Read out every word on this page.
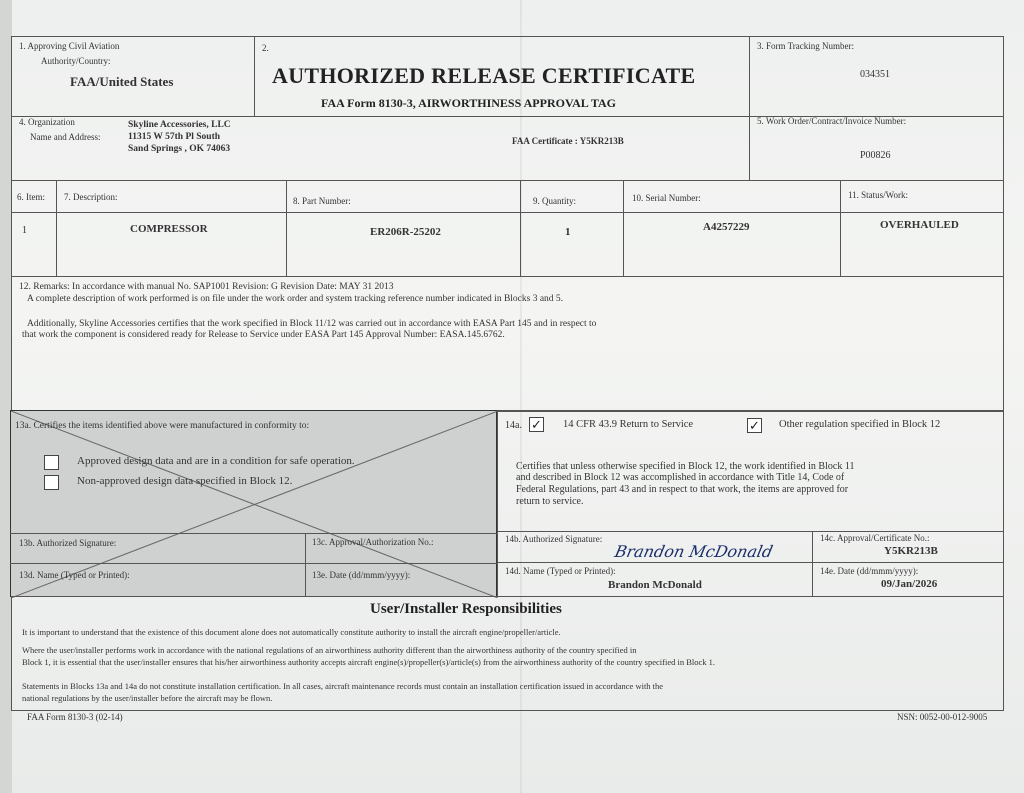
1. Approving Civil Aviation
Authority/Country:
FAA/United States
2.
AUTHORIZED RELEASE CERTIFICATE
FAA Form 8130-3, AIRWORTHINESS APPROVAL TAG
3. Form Tracking Number:
034351
4. Organization
Name and Address:
Skyline Accessories, LLC
11315 W 57th Pl South
Sand Springs , OK 74063
FAA Certificate : Y5KR213B
5. Work Order/Contract/Invoice Number:
P00826
6. Item: 7. Description:	8. Part Number:	9. Quantity:	10. Serial Number:	11. Status/Work:
1	COMPRESSOR	ER206R-25202	1	A4257229	OVERHAULED
12. Remarks: In accordance with manual No. SAP1001 Revision: G Revision Date: MAY 31 2013
A complete description of work performed is on file under the work order and system tracking reference number indicated in Blocks 3 and 5.
Additionally, Skyline Accessories certifies that the work specified in Block 11/12 was carried out in accordance with EASA Part 145 and in respect to
that work the component is considered ready for Release to Service under EASA Part 145 Approval Number: EASA.145.6762.
13a. Certifies the items identified above were manufactured in conformity to:
Approved design data and are in a condition for safe operation.
Non-approved design data specified in Block 12.
13b. Authorized Signature:	13c. Approval/Authorization No.:
13d. Name (Typed or Printed):	13e. Date (dd/mmm/yyyy):
14a. ✓ 14 CFR 43.9 Return to Service	✓ Other regulation specified in Block 12
Certifies that unless otherwise specified in Block 12, the work identified in Block 11
and described in Block 12 was accomplished in accordance with Title 14, Code of
Federal Regulations, part 43 and in respect to that work, the items are approved for
return to service.
14b. Authorized Signature:
Brandon McDonald
14c. Approval/Certificate No.:
Y5KR213B
14d. Name (Typed or Printed):
Brandon McDonald
14e. Date (dd/mmm/yyyy):
09/Jan/2026
User/Installer Responsibilities
It is important to understand that the existence of this document alone does not automatically constitute authority to install the aircraft engine/propeller/article.
Where the user/installer performs work in accordance with the national regulations of an airworthiness authority different than the airworthiness authority of the country specified in
Block 1, it is essential that the user/installer ensures that his/her airworthiness authority accepts aircraft engine(s)/propeller(s)/article(s) from the airworthiness authority of the country specified in Block 1.
Statements in Blocks 13a and 14a do not constitute installation certification. In all cases, aircraft maintenance records must contain an installation certification issued in accordance with the
national regulations by the user/installer before the aircraft may be flown.
FAA Form 8130-3 (02-14)	NSN: 0052-00-012-9005
